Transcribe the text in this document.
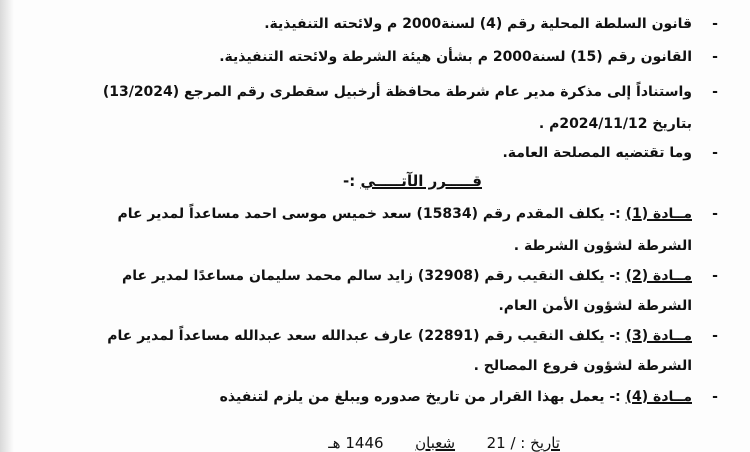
-
قانون السلطة المحلية رقم (4) لسنة2000 م ولائحته التنفيذية.
-
القانون رقم (15) لسنة2000 م بشأن هيئة الشرطة ولائحته التنفيذية.
-
واستناداً إلى مذكرة مدير عام شرطة محافظة أرخبيل سقطرى رقم المرجع (13/2024)
بتاريخ 2024/11/12م .
-
وما تقتضيه المصلحة العامة.
قـــــرر الآتـــــي :-
-
مــادة (1) :- يكلف المقدم رقم (15834) سعد خميس موسى احمد مساعداً لمدير عام
الشرطة لشؤون الشرطة .
-
مــادة (2) :- يكلف النقيب رقم (32908) زايد سالم محمد سليمان مساعدًا لمدير عام
الشرطة لشؤون الأمن العام.
-
مــادة (3) :- يكلف النقيب رقم (22891) عارف عبدالله سعد عبدالله مساعداً لمدير عام
الشرطة لشؤون فروع المصالح .
-
مــادة (4) :- يعمل بهذا القرار من تاريخ صدوره ويبلغ من يلزم لتنفيذه
تاريخ : / 21  شعبان  1446 هـ
